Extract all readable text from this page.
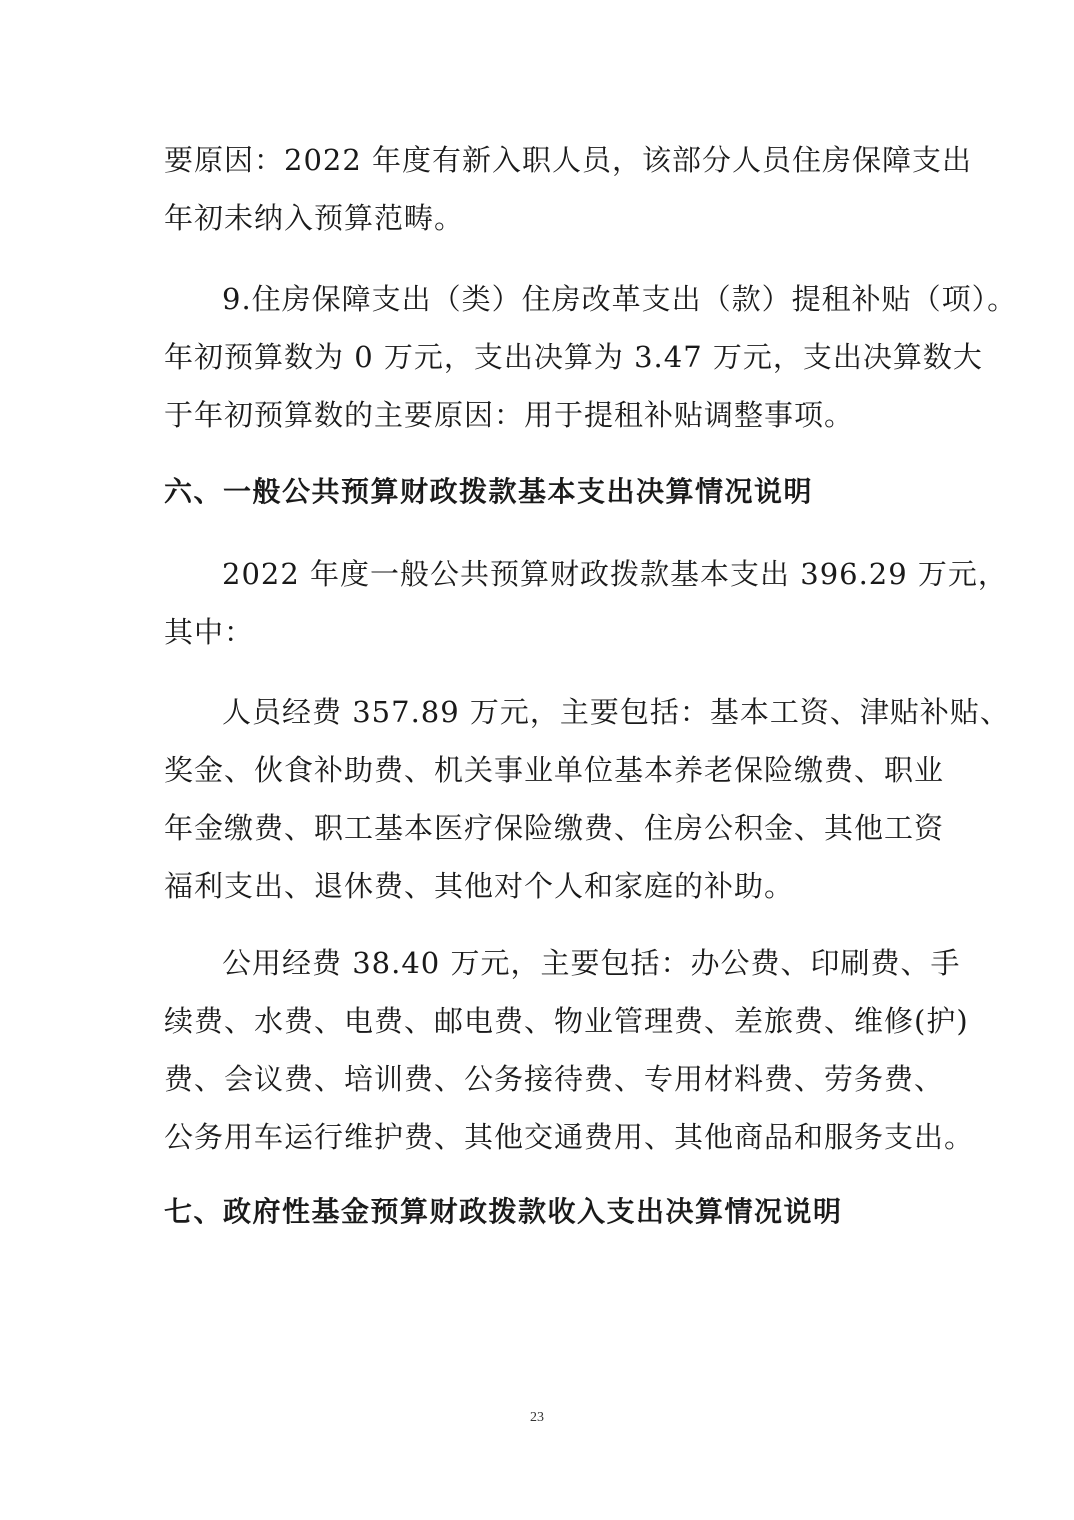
要原因：2022 年度有新入职人员，该部分人员住房保障支出
年初未纳入预算范畴。
9.住房保障支出（类）住房改革支出（款）提租补贴（项）。
年初预算数为 0 万元，支出决算为 3.47 万元，支出决算数大
于年初预算数的主要原因：用于提租补贴调整事项。
六、一般公共预算财政拨款基本支出决算情况说明
2022 年度一般公共预算财政拨款基本支出 396.29 万元，
其中：
人员经费 357.89 万元，主要包括：基本工资、津贴补贴、
奖金、伙食补助费、机关事业单位基本养老保险缴费、职业
年金缴费、职工基本医疗保险缴费、住房公积金、其他工资
福利支出、退休费、其他对个人和家庭的补助。
公用经费 38.40 万元，主要包括：办公费、印刷费、手
续费、水费、电费、邮电费、物业管理费、差旅费、维修(护)
费、会议费、培训费、公务接待费、专用材料费、劳务费、
公务用车运行维护费、其他交通费用、其他商品和服务支出。
七、政府性基金预算财政拨款收入支出决算情况说明
23
